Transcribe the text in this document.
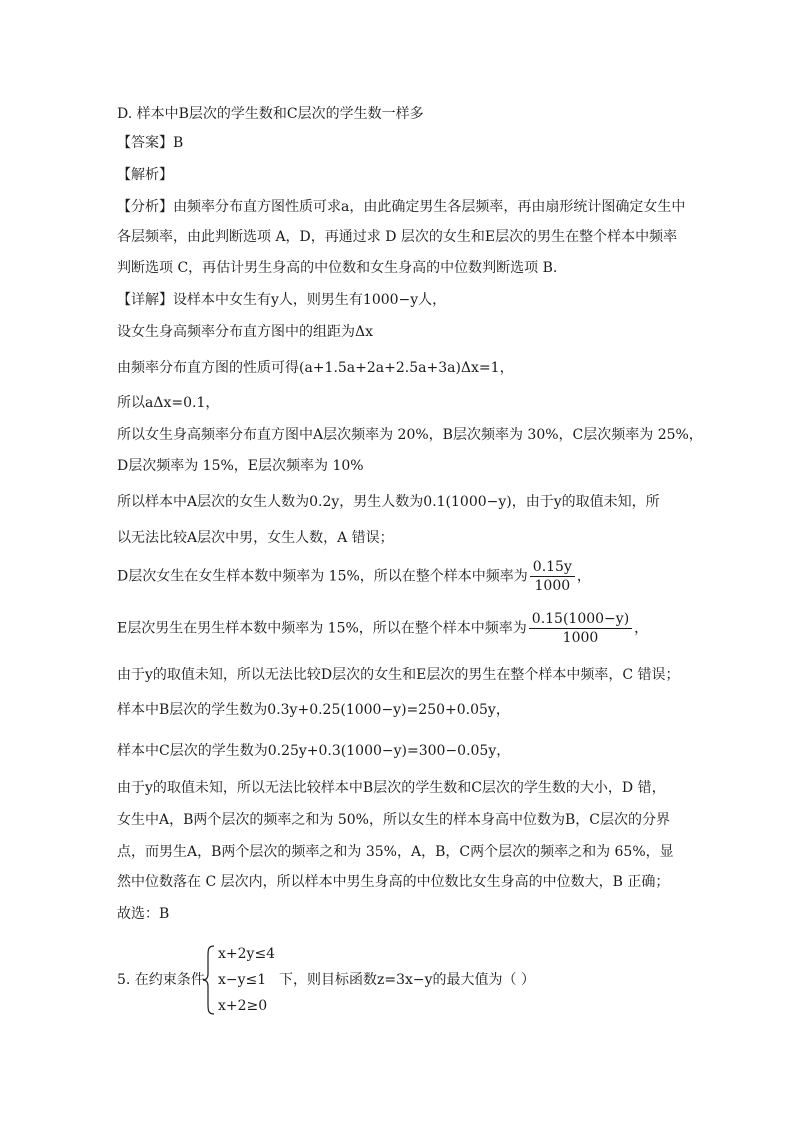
D. 样本中B层次的学生数和C层次的学生数一样多
【答案】B
【解析】
【分析】由频率分布直方图性质可求a，由此确定男生各层频率，再由扇形统计图确定女生中
各层频率，由此判断选项 A，D，再通过求 D 层次的女生和E层次的男生在整个样本中频率
判断选项 C，再估计男生身高的中位数和女生身高的中位数判断选项 B.
【详解】设样本中女生有y人，则男生有1000−y人，
设女生身高频率分布直方图中的组距为Δx
由频率分布直方图的性质可得(a+1.5a+2a+2.5a+3a)Δx=1，
所以aΔx=0.1，
所以女生身高频率分布直方图中A层次频率为 20%，B层次频率为 30%，C层次频率为 25%，
D层次频率为 15%，E层次频率为 10%
所以样本中A层次的女生人数为0.2y，男生人数为0.1(1000−y)，由于y的取值未知，所
以无法比较A层次中男，女生人数，A 错误；
D层次女生在女生样本数中频率为 15%，所以在整个样本中频率为 $\frac{0.15y}{1000}$ ，
E层次男生在男生样本数中频率为 15%，所以在整个样本中频率为 $\frac{0.15(1000-y)}{1000}$ ，
由于y的取值未知，所以无法比较D层次的女生和E层次的男生在整个样本中频率，C 错误；
样本中B层次的学生数为0.3y+0.25(1000−y)=250+0.05y，
样本中C层次的学生数为0.25y+0.3(1000−y)=300−0.05y，
由于y的取值未知，所以无法比较样本中B层次的学生数和C层次的学生数的大小，D 错，
女生中A，B两个层次的频率之和为 50%，所以女生的样本身高中位数为B，C层次的分界
点，而男生A，B两个层次的频率之和为 35%，A，B，C两个层次的频率之和为 65%，显
然中位数落在 C 层次内，所以样本中男生身高的中位数比女生身高的中位数大，B 正确；
故选：B
5. 在约束条件
x+2y≤4
x−y≤1
x+2≥0
下，则目标函数z=3x−y的最大值为（ ）
